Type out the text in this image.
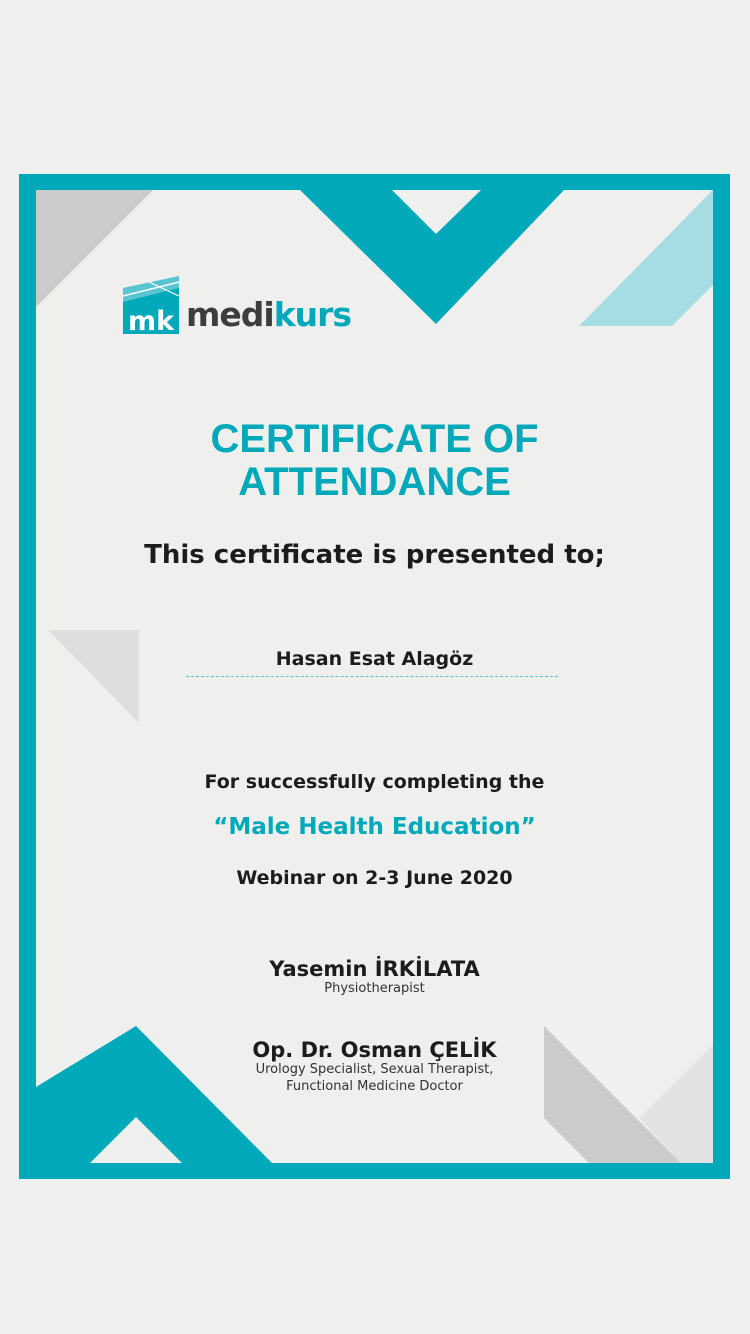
mk medikurs
CERTIFICATE OF
ATTENDANCE
This certificate is presented to;
Hasan Esat Alagöz
For successfully completing the
“Male Health Education”
Webinar on 2-3 June 2020
Yasemin İRKİLATA
Physiotherapist
Op. Dr. Osman ÇELİK
Urology Specialist, Sexual Therapist,
Functional Medicine Doctor
